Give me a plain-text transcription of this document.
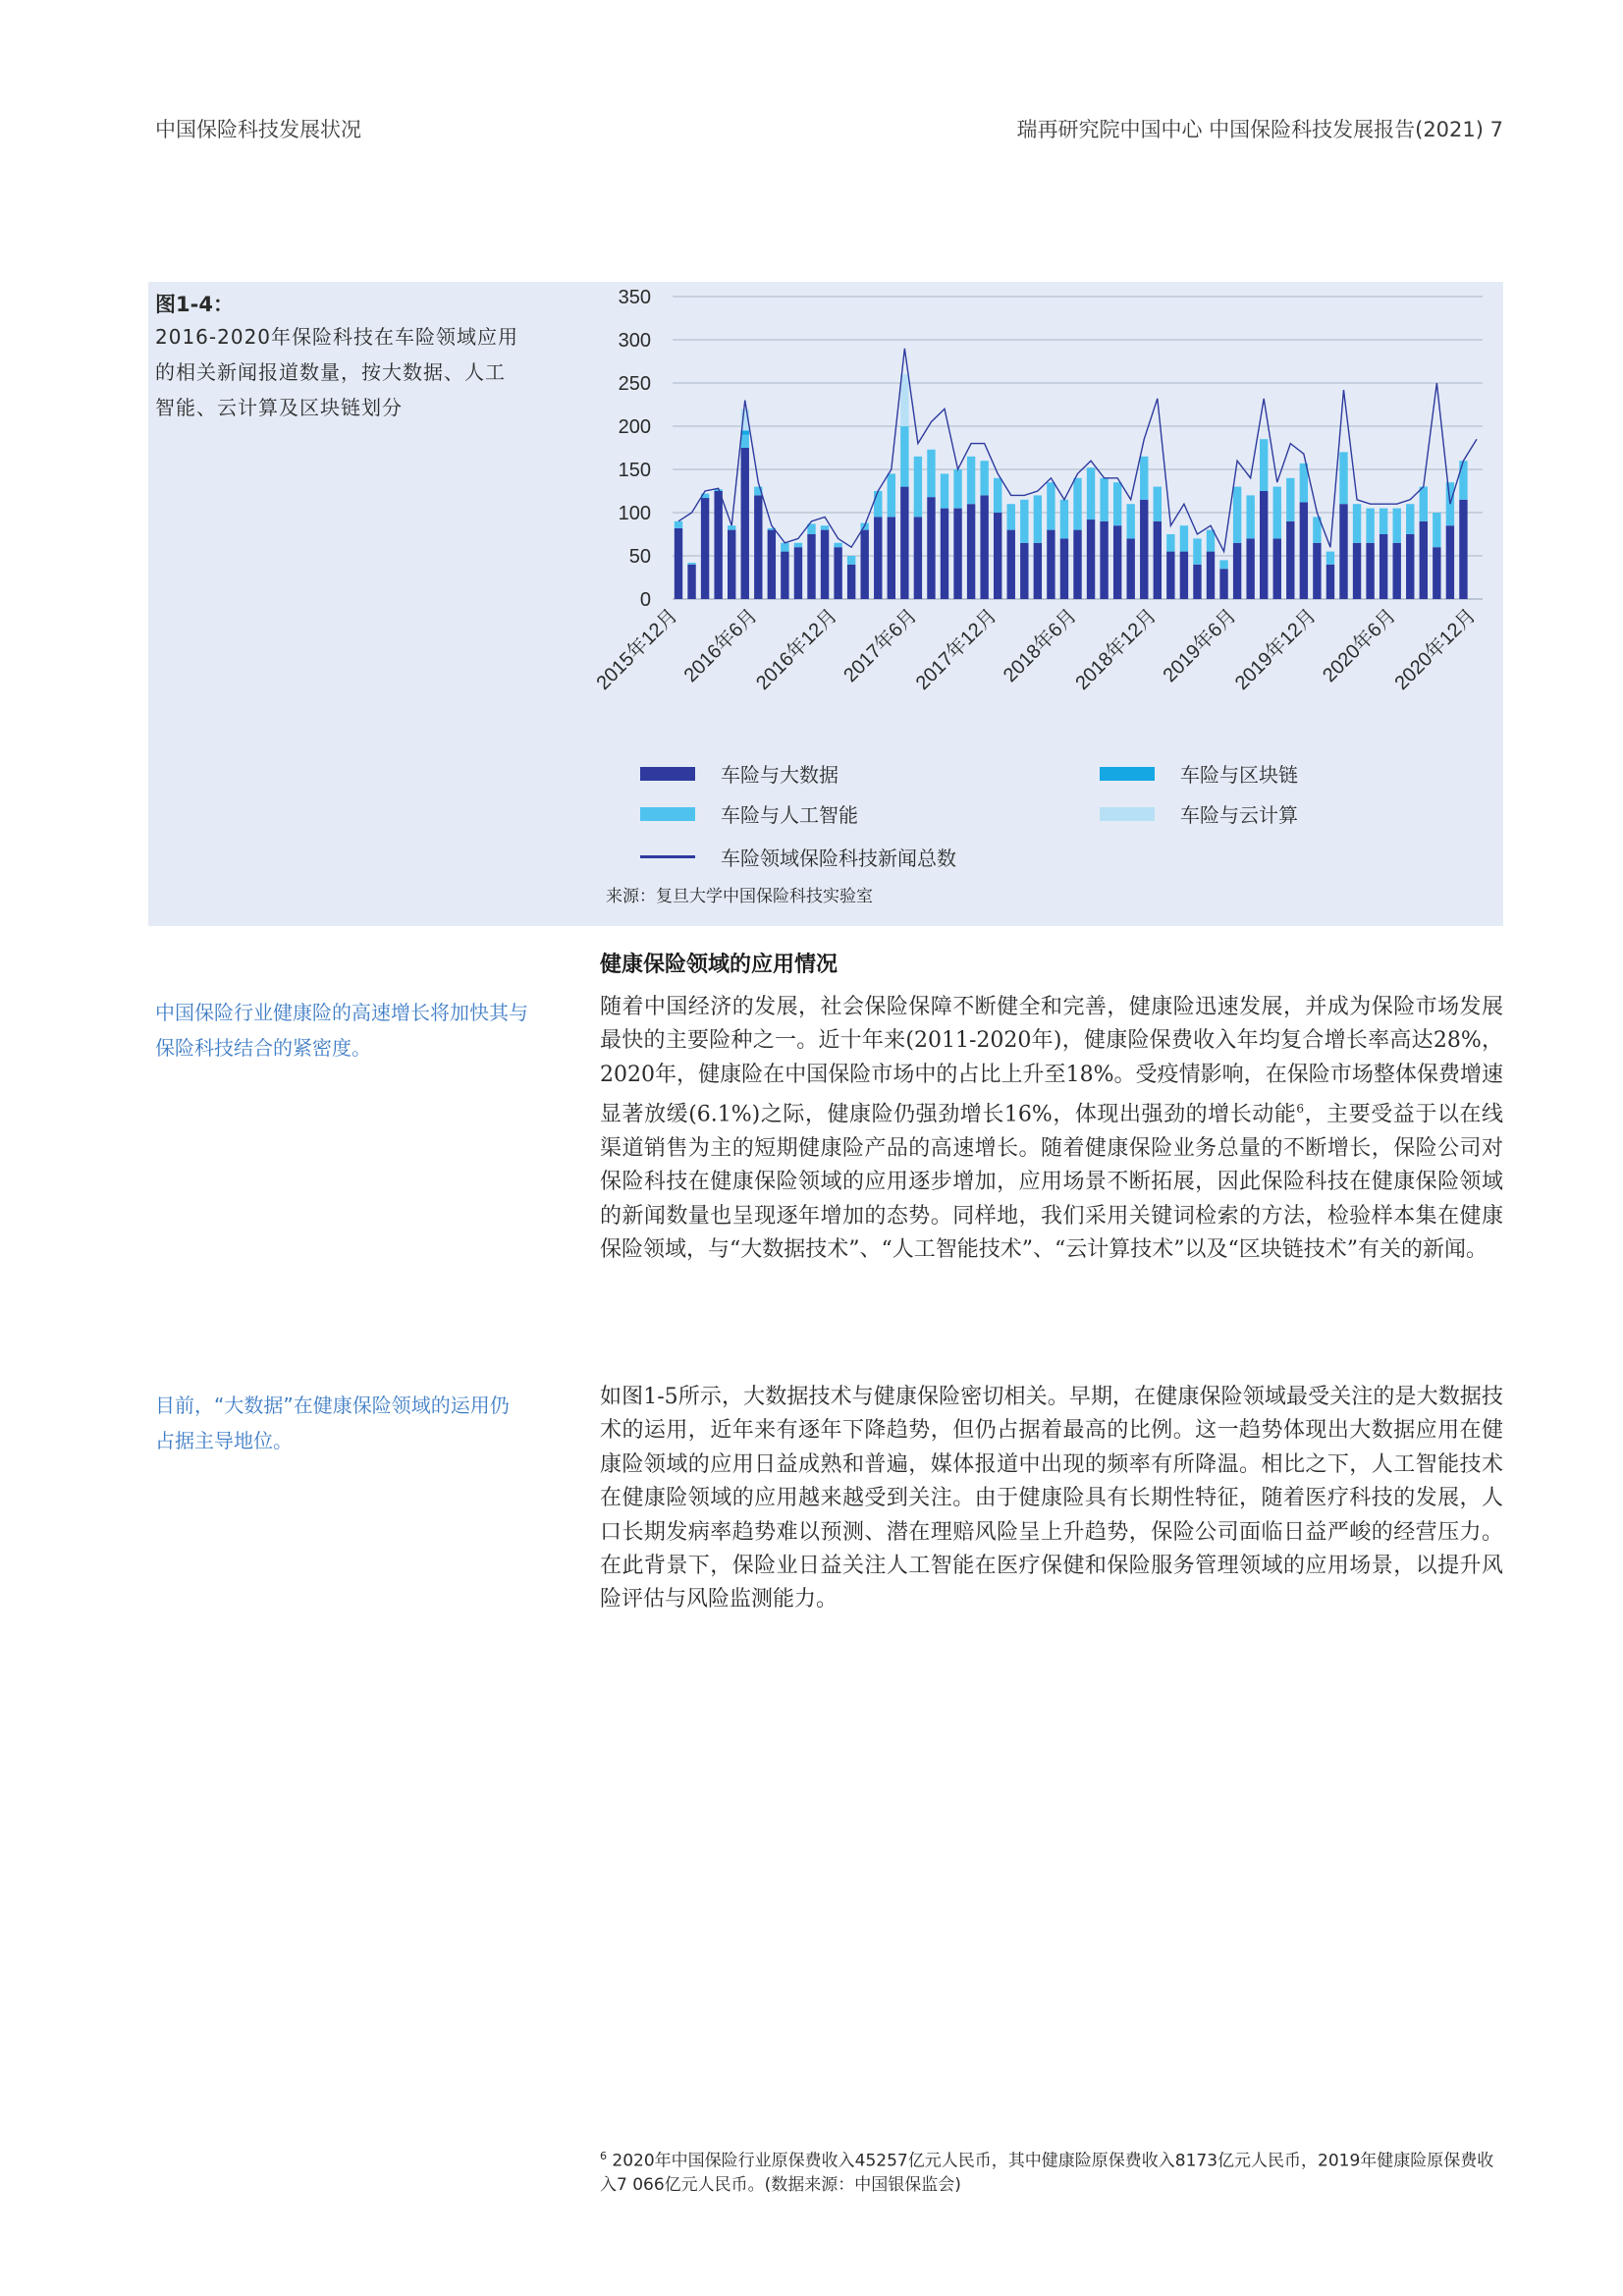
中国保险科技发展状况	瑞再研究院中国中心 中国保险科技发展报告(2021) 7
图1-4：
2016-2020年保险科技在车险领域应用的相关新闻报道数量，按大数据、人工智能、云计算及区块链划分
0
50
100
150
200
250
300
350
2015年12月
2016年6月
2016年12月
2017年6月
2017年12月
2018年6月
2018年12月
2019年6月
2019年12月
2020年6月
2020年12月
车险与大数据	车险与区块链
车险与人工智能	车险与云计算
车险领域保险科技新闻总数
来源：复旦大学中国保险科技实验室
中国保险行业健康险的高速增长将加快其与保险科技结合的紧密度。
目前，“大数据”在健康保险领域的运用仍占据主导地位。
健康保险领域的应用情况
随着中国经济的发展，社会保险保障不断健全和完善，健康险迅速发展，并成为保险市场发展最快的主要险种之一。近十年来(2011-2020年)，健康险保费收入年均复合增长率高达28%，2020年，健康险在中国保险市场中的占比上升至18%。受疫情影响，在保险市场整体保费增速显著放缓(6.1%)之际，健康险仍强劲增长16%，体现出强劲的增长动能$^6$，主要受益于以在线渠道销售为主的短期健康险产品的高速增长。随着健康保险业务总量的不断增长，保险公司对保险科技在健康保险领域的应用逐步增加，应用场景不断拓展，因此保险科技在健康保险领域的新闻数量也呈现逐年增加的态势。同样地，我们采用关键词检索的方法，检验样本集在健康保险领域，与“大数据技术”、“人工智能技术”、“云计算技术”以及“区块链技术”有关的新闻。
如图1-5所示，大数据技术与健康保险密切相关。早期，在健康保险领域最受关注的是大数据技术的运用，近年来有逐年下降趋势，但仍占据着最高的比例。这一趋势体现出大数据应用在健康险领域的应用日益成熟和普遍，媒体报道中出现的频率有所降温。相比之下，人工智能技术在健康险领域的应用越来越受到关注。由于健康险具有长期性特征，随着医疗科技的发展，人口长期发病率趋势难以预测、潜在理赔风险呈上升趋势，保险公司面临日益严峻的经营压力。在此背景下，保险业日益关注人工智能在医疗保健和保险服务管理领域的应用场景，以提升风险评估与风险监测能力。
$^6$ 2020年中国保险行业原保费收入45257亿元人民币，其中健康险原保费收入8173亿元人民币，2019年健康险原保费收入7 066亿元人民币。(数据来源：中国银保监会)
